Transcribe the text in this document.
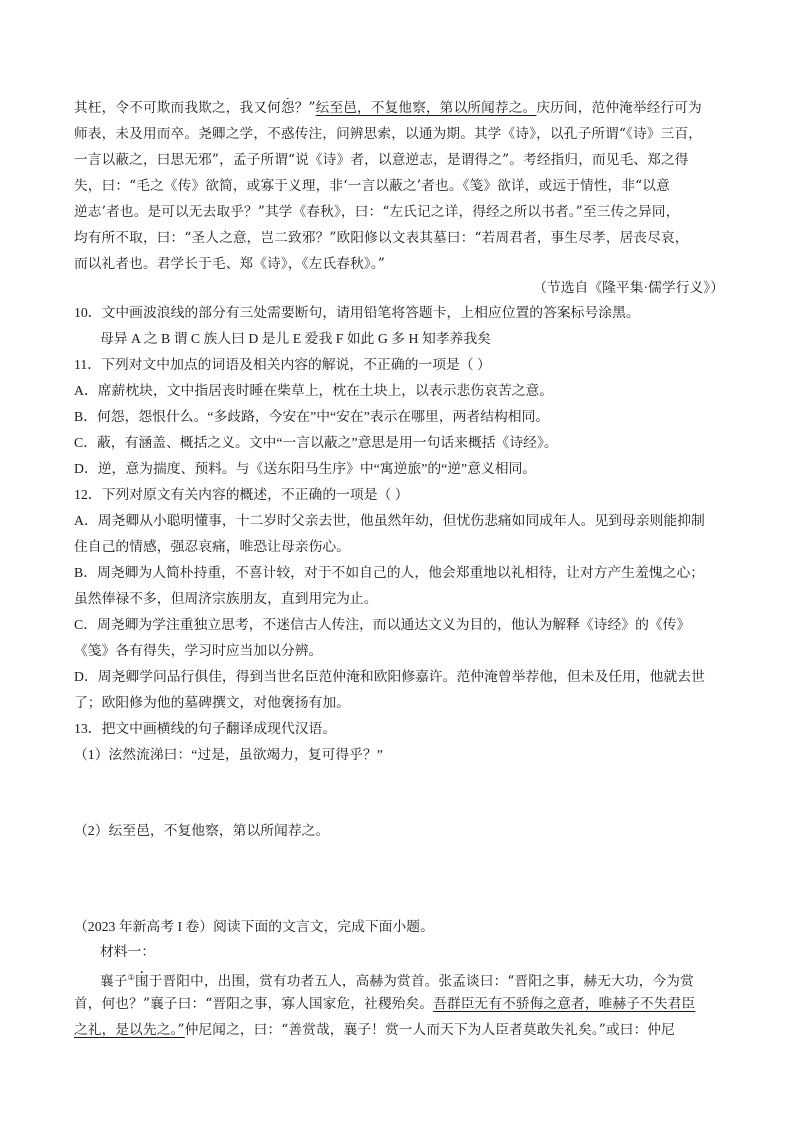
其枉，令不可欺而我欺之，我又何怨？”纭至邑，不复他察，第以所闻荐之。庆历间，范仲淹举经行可为
师表，未及用而卒。尧卿之学，不惑传注，问辨思索，以通为期。其学《诗》，以孔子所谓“《诗》三百，
一言以蔽之，曰思无邪”，孟子所谓“说《诗》者，以意逆志，是谓得之”。考经指归，而见毛、郑之得
失，曰：“毛之《传》欲简，或寡于义理，非‘一言以蔽之’者也。《笺》欲详，或远于情性，非“以意
逆志’者也。是可以无去取乎？”其学《春秋》，曰：“左氏记之详，得经之所以书者。”至三传之异同，
均有所不取，曰：“圣人之意，岂二致邪？”欧阳修以文表其墓曰：“若周君者，事生尽孝，居丧尽哀，
而以礼者也。君学长于毛、郑《诗》，《左氏春秋》。”
（节选自《隆平集·儒学行义》）
10．文中画波浪线的部分有三处需要断句，请用铅笔将答题卡，上相应位置的答案标号涂黑。
母异 A 之 B 谓 C 族人曰 D 是儿 E 爱我 F 如此 G 多 H 知孝养我矣
11．下列对文中加点的词语及相关内容的解说，不正确的一项是（ ）
A．席薪枕块，文中指居丧时睡在柴草上，枕在土块上，以表示悲伤哀苦之意。
B．何怨，怨恨什么。“多歧路，今安在”中“安在”表示在哪里，两者结构相同。
C．蔽，有涵盖、概括之义。文中“一言以蔽之”意思是用一句话来概括《诗经》。
D．逆，意为揣度、预料。与《送东阳马生序》中“寓逆旅”的“逆”意义相同。
12．下列对原文有关内容的概述，不正确的一项是（ ）
A．周尧卿从小聪明懂事，十二岁时父亲去世，他虽然年幼，但忧伤悲痛如同成年人。见到母亲则能抑制
住自己的情感，强忍哀痛，唯恐让母亲伤心。
B．周尧卿为人简朴持重，不喜计较，对于不如自己的人，他会郑重地以礼相待，让对方产生羞愧之心；
虽然俸禄不多，但周济宗族朋友，直到用完为止。
C．周尧卿为学注重独立思考，不迷信古人传注，而以通达文义为目的，他认为解释《诗经》的《传》
《笺》各有得失，学习时应当加以分辨。
D．周尧卿学问品行俱佳，得到当世名臣范仲淹和欧阳修嘉许。范仲淹曾举荐他，但未及任用，他就去世
了；欧阳修为他的墓碑撰文，对他褒扬有加。
13．把文中画横线的句子翻译成现代汉语。
（1）泫然流涕曰：“过是，虽欲竭力，复可得乎？”
（2）纭至邑，不复他察，第以所闻荐之。
（2023 年新高考 I 卷）阅读下面的文言文，完成下面小题。
材料一：
襄子①围于晋阳中，出围，赏有功者五人，高赫为赏首。张孟谈曰：“晋阳之事，赫无大功，今为赏
首，何也？”襄子曰：“晋阳之事，寡人国家危，社稷殆矣。吾群臣无有不骄侮之意者，唯赫子不失君臣
之礼，是以先之。”仲尼闻之，曰：“善赏哉，襄子！赏一人而天下为人臣者莫敢失礼矣。”或曰：仲尼
